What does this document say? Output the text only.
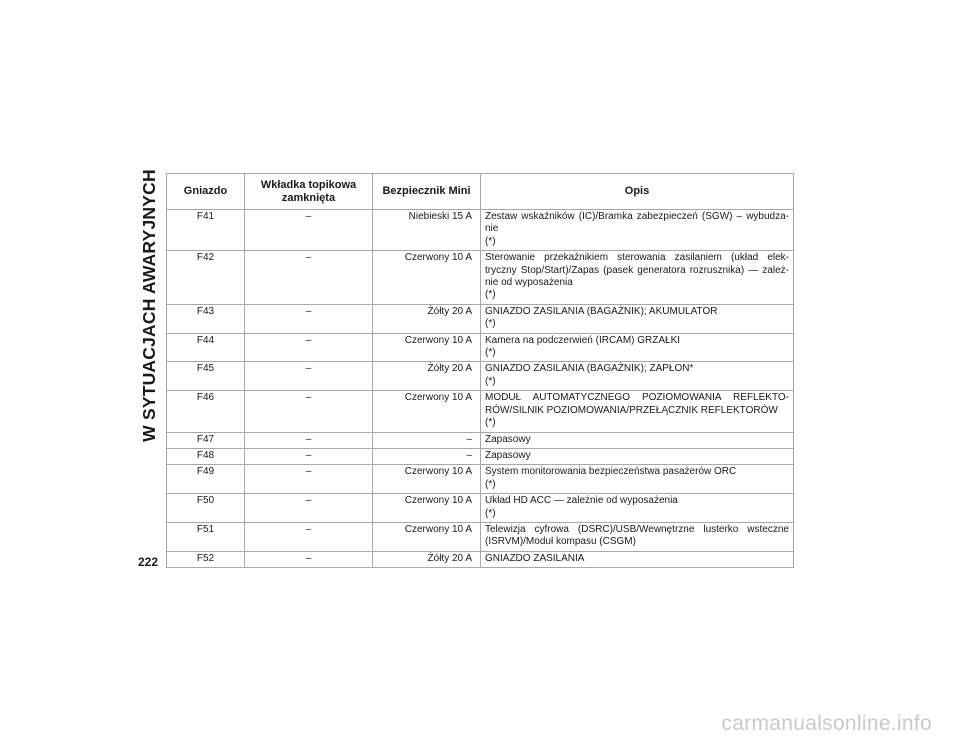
W SYTUACJACH AWARYJNYCH Gniazdo	Wkładka topikowa
zamknięta	Bezpiecznik Mini	Opis
F41	–	Niebieski 15 A	Zestaw wskaźników (IC)/Bramka zabezpieczeń (SGW) – wybudza-
nie
(*)

F42	–	Czerwony 10 A	Sterowanie przekaźnikiem sterowania zasilaniem (układ elek-
tryczny Stop/Start)/Zapas (pasek generatora rozrusznika) — zależ-
nie od wyposażenia
(*)

F43	–	Żółty 20 A	GNIAZDO ZASILANIA (BAGAŻNIK); AKUMULATOR
(*)

F44	–	Czerwony 10 A	Kamera na podczerwień (IRCAM) GRZAŁKI
(*)

F45	–	Żółty 20 A	GNIAZDO ZASILANIA (BAGAŻNIK); ZAPŁON*
(*)

F46	–	Czerwony 10 A	MODUŁ AUTOMATYCZNEGO POZIOMOWANIA REFLEKTO-
RÓW/SILNIK POZIOMOWANIA/PRZEŁĄCZNIK REFLEKTORÓW
(*)

F47	–	–	Zapasowy

F48	–	–	Zapasowy

F49	–	Czerwony 10 A	System monitorowania bezpieczeństwa pasażerów ORC
(*)

F50	–	Czerwony 10 A	Układ HD ACC — zależnie od wyposażenia
(*)

F51	–	Czerwony 10 A	Telewizja cyfrowa (DSRC)/USB/Wewnętrzne lusterko wsteczne
(ISRVM)/Moduł kompasu (CSGM)

F52	–	Żółty 20 A	GNIAZDO ZASILANIA
222
carmanualsonline.info
